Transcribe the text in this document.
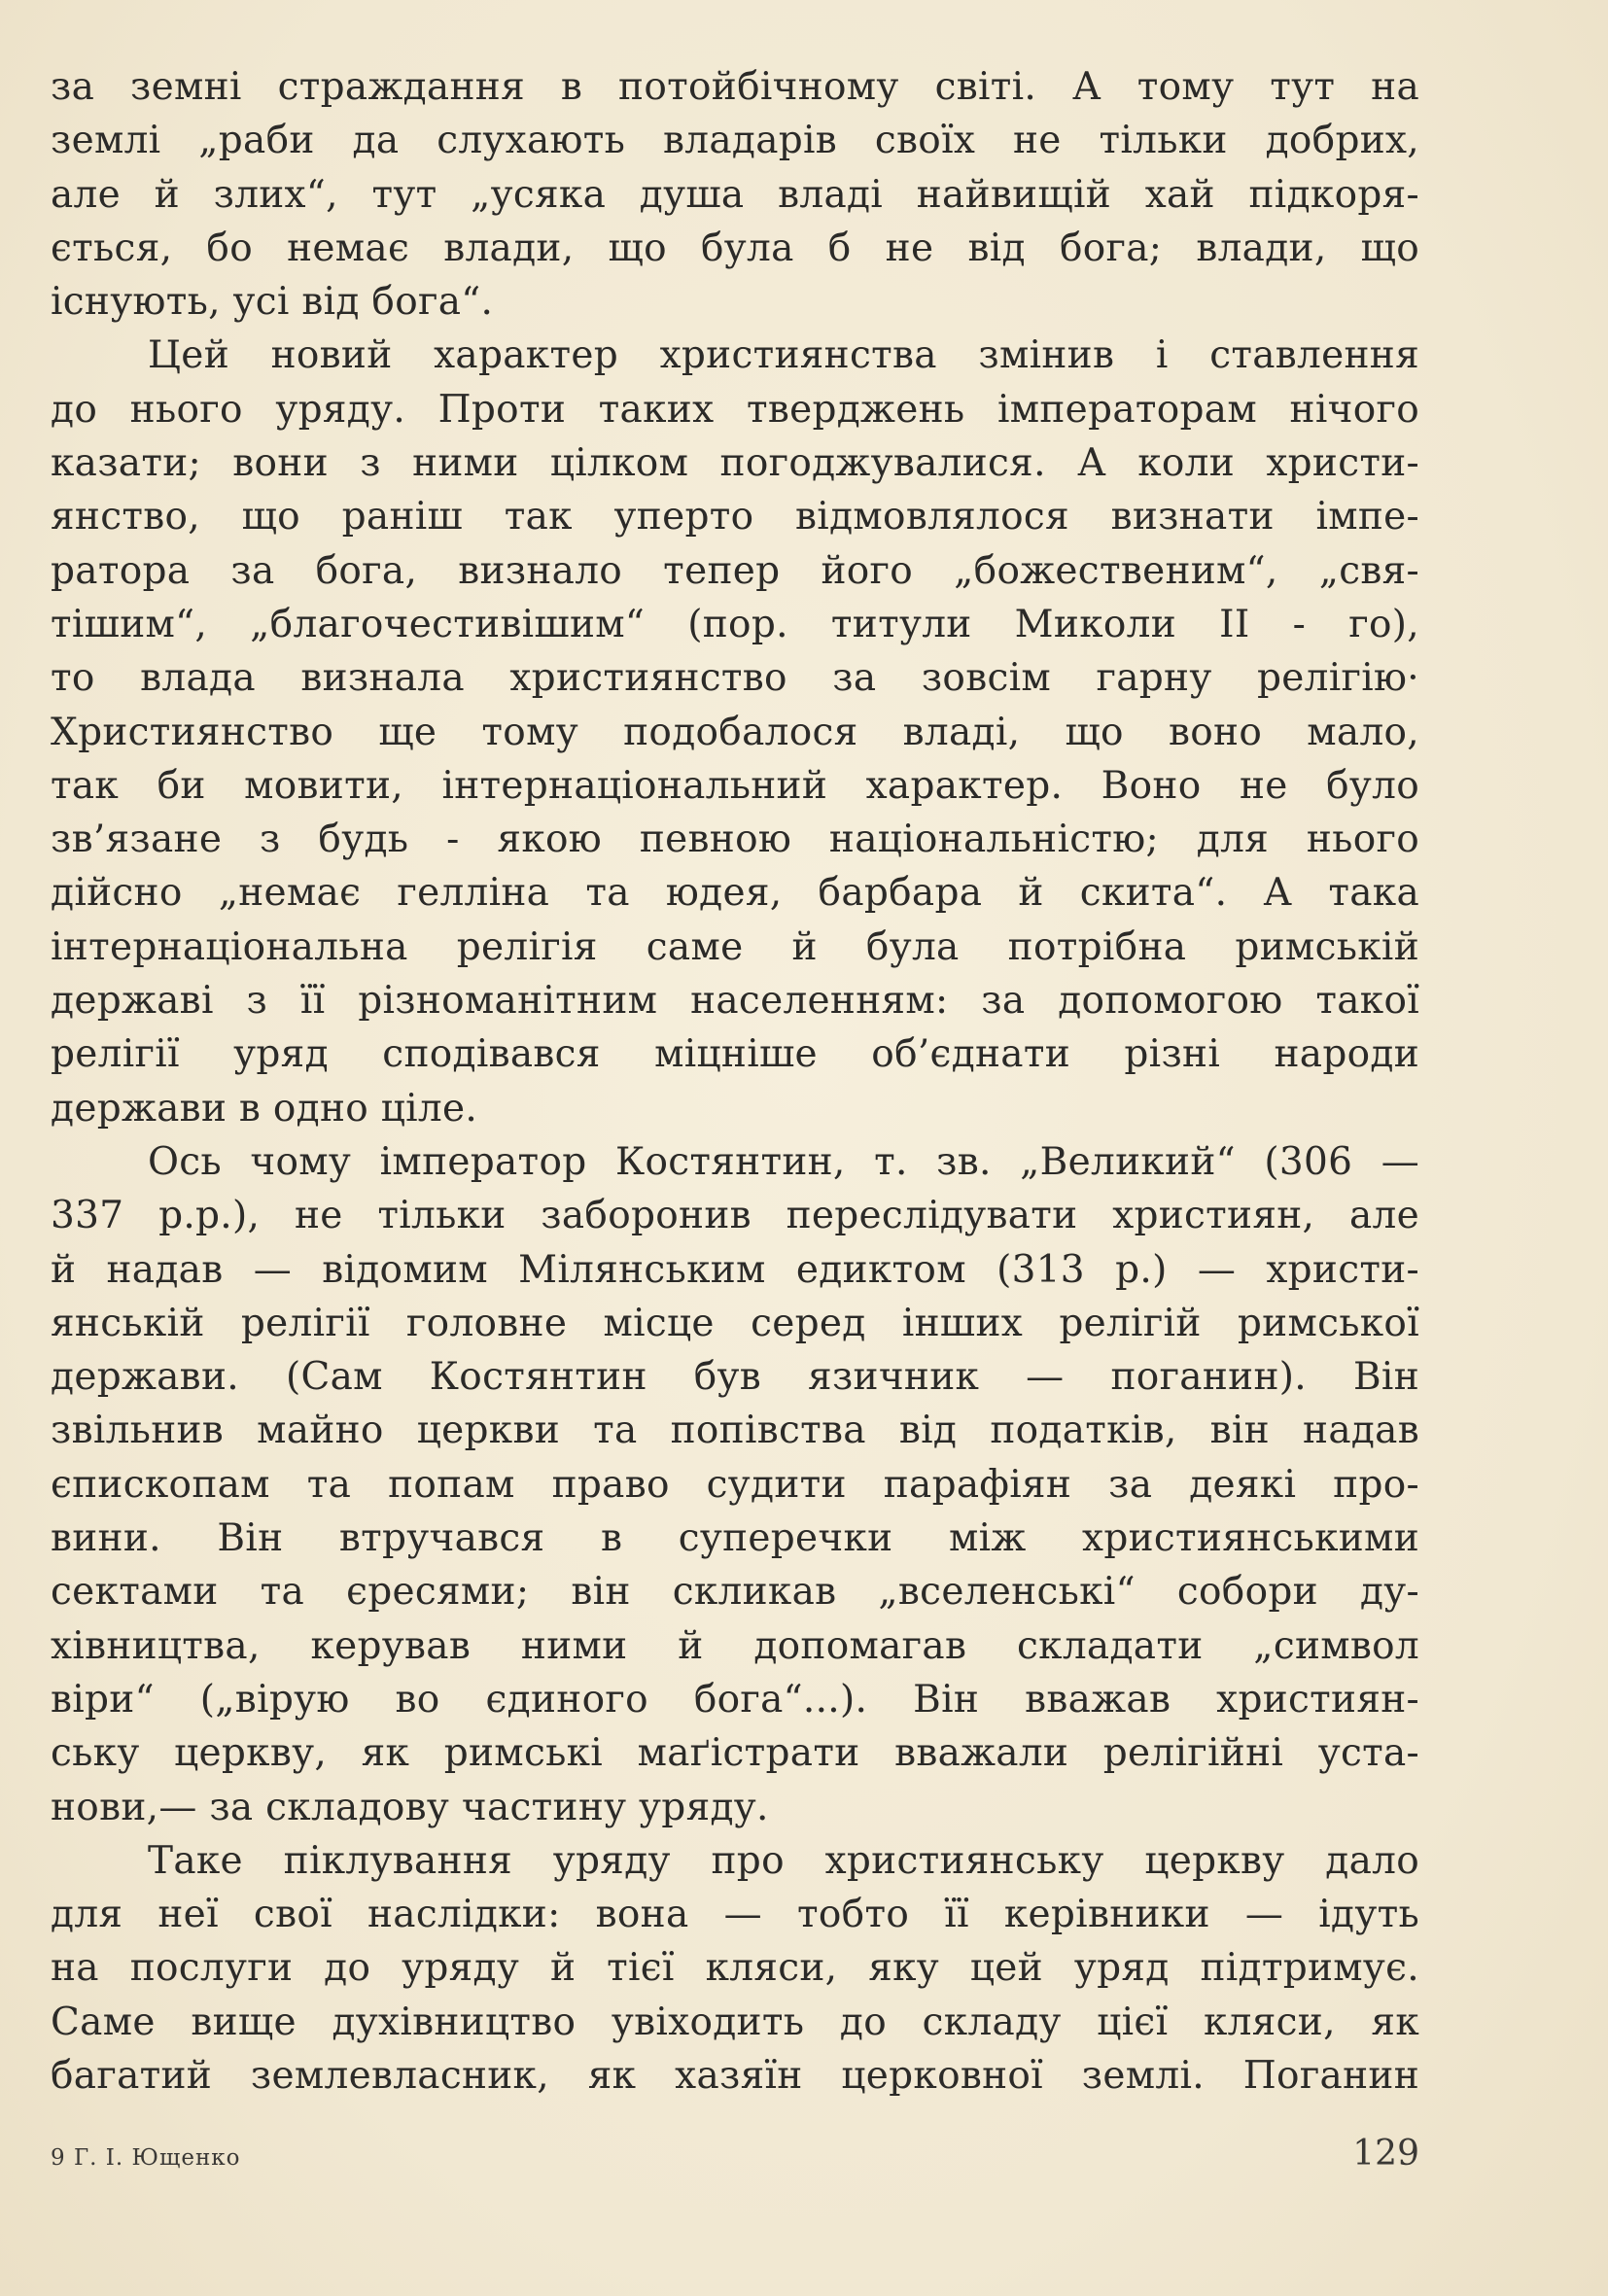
за земні страждання в потойбічному світі. А тому тут на
землі „раби да слухають владарів своїх не тільки добрих,
але й злих“, тут „усяка душа владі найвищій хай підкоря-
ється, бо немає влади, що була б не від бога; влади, що
існують, усі від бога“.
Цей новий характер християнства змінив і ставлення
до нього уряду. Проти таких тверджень імператорам нічого
казати; вони з ними цілком погоджувалися. А коли христи-
янство, що раніш так уперто відмовлялося визнати імпе-
ратора за бога, визнало тепер його „божественим“, „свя-
тішим“, „благочестивішим“ (пор. титули Миколи II - го),
то влада визнала християнство за зовсім гарну релігію·
Християнство ще тому подобалося владі, що воно мало,
так би мовити, інтернаціональний характер. Воно не було
зв’язане з будь - якою певною національністю; для нього
дійсно „немає гелліна та юдея, барбара й скита“. А така
інтернаціональна релігія саме й була потрібна римській
державі з її різноманітним населенням: за допомогою такої
релігії уряд сподівався міцніше об’єднати різні народи
держави в одно ціле.
Ось чому імператор Костянтин, т. зв. „Великий“ (306 —
337 р.р.), не тільки заборонив переслідувати християн, але
й надав — відомим Мілянським едиктом (313 р.) — христи-
янській релігії головне місце серед інших релігій римської
держави. (Сам Костянтин був язичник — поганин). Він
звільнив майно церкви та попівства від податків, він надав
єпископам та попам право судити парафіян за деякі про-
вини. Він втручався в суперечки між християнськими
сектами та єресями; він скликав „вселенські“ собори ду-
хівництва, керував ними й допомагав складати „символ
віри“ („вірую во єдиного бога“...). Він вважав християн-
ську церкву, як римські маґістрати вважали релігійні уста-
нови,— за складову частину уряду.
Таке піклування уряду про християнську церкву дало
для неї свої наслідки: вона — тобто її керівники — ідуть
на послуги до уряду й тієї кляси, яку цей уряд підтримує.
Саме вище духівництво увіходить до складу цієї кляси, як
багатий землевласник, як хазяїн церковної землі. Поганин
9 Г. І. Ющенко	129
